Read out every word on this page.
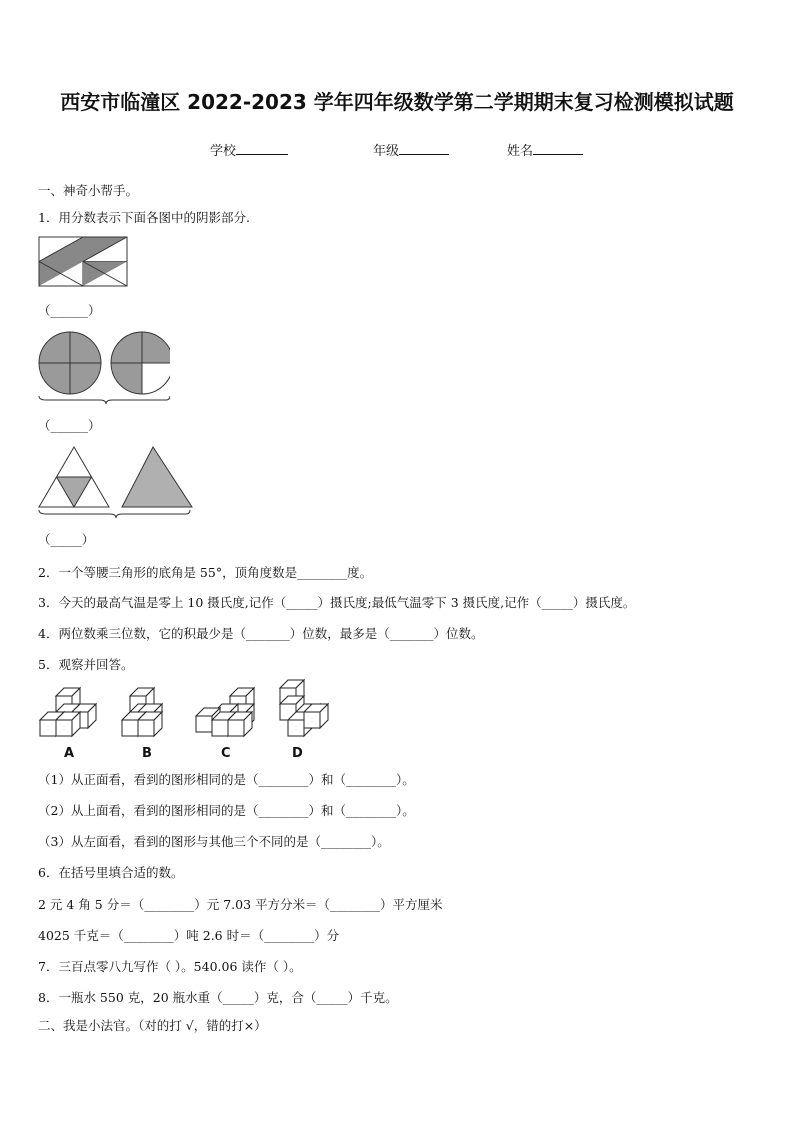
西安市临潼区 2022-2023 学年四年级数学第二学期期末复习检测模拟试题
学校	年级	姓名
一、神奇小帮手。
1．用分数表示下面各图中的阴影部分.
（______）
（______）
（_____）
2．一个等腰三角形的底角是 55°，顶角度数是________度。
3．今天的最高气温是零上 10 摄氏度,记作（_____）摄氏度;最低气温零下 3 摄氏度,记作（_____）摄氏度。
4．两位数乘三位数，它的积最少是（_______）位数，最多是（_______）位数。
5．观察并回答。
A	B	C	D
（1）从正面看，看到的图形相同的是（________）和（________）。
（2）从上面看，看到的图形相同的是（________）和（________）。
（3）从左面看，看到的图形与其他三个不同的是（________）。
6．在括号里填合适的数。
2 元 4 角 5 分＝（________）元 7.03 平方分米＝（________）平方厘米
4025 千克＝（________）吨 2.6 时＝（________）分
7．三百点零八九写作（ ）。540.06 读作（ ）。
8．一瓶水 550 克，20 瓶水重（_____）克，合（_____）千克。
二、我是小法官。（对的打 √，错的打×）
